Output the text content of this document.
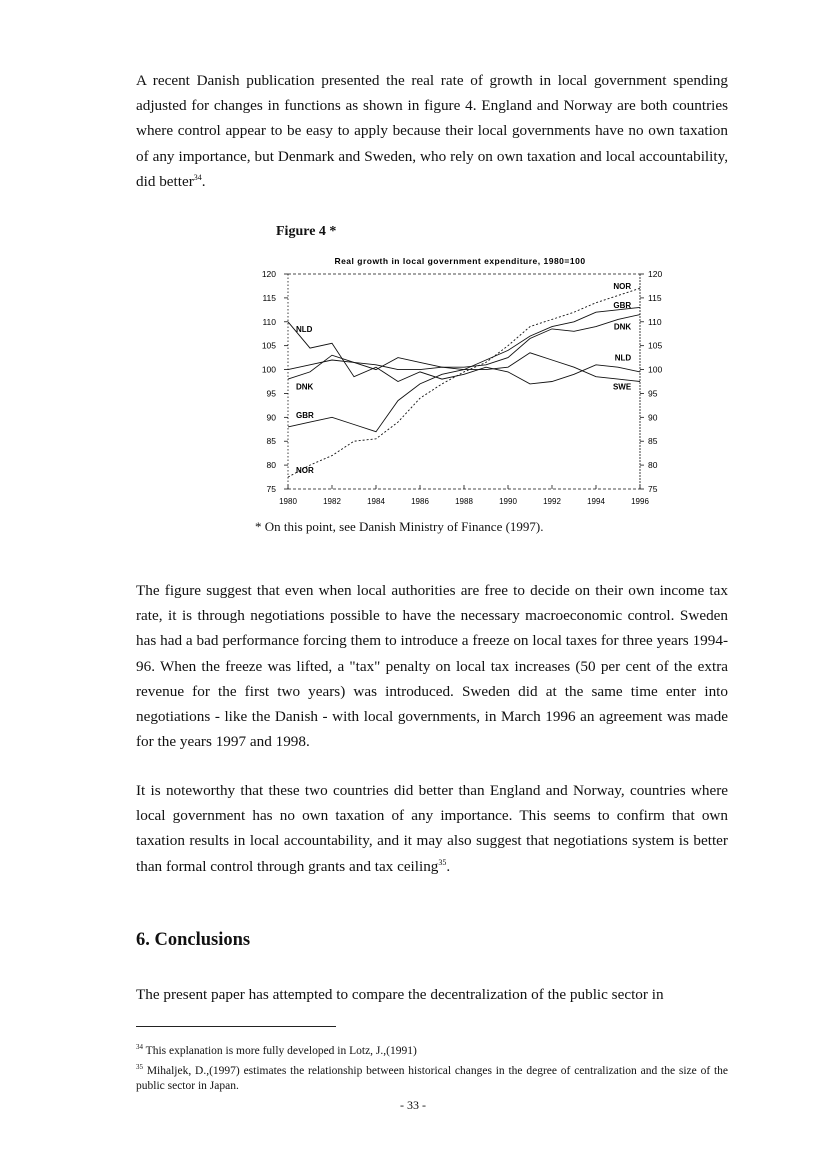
A recent Danish publication presented the real rate of growth in local government spending adjusted for changes in functions as shown in figure 4. England and Norway are both countries where control appear to be easy to apply because their local governments have no own taxation of any importance, but Denmark and Sweden, who rely on own taxation and local accountability, did better$^{34}$.

Figure 4 *
Real growth in local government expenditure, 1980=100
75	75
80	80
85	85
90	90
95	95
100	100
105	105
110	110
115	115
120	120
1980	1982	1984	1986	1988	1990	1992	1994	1996
NLD
DNK
GBR
NOR
NOR
GBR
DNK
NLD
SWE
* On this point, see Danish Ministry of Finance (1997).

The figure suggest that even when local authorities are free to decide on their own income tax rate, it is through negotiations possible to have the necessary macroeconomic control. Sweden has had a bad performance forcing them to introduce a freeze on local taxes for three years 1994-96. When the freeze was lifted, a "tax" penalty on local tax increases (50 per cent of the extra revenue for the first two years) was introduced. Sweden did at the same time enter into negotiations - like the Danish - with local governments, in March 1996 an agreement was made for the years 1997 and 1998.

It is noteworthy that these two countries did better than England and Norway, countries where local government has no own taxation of any importance. This seems to confirm that own taxation results in local accountability, and it may also suggest that negotiations system is better than formal control through grants and tax ceiling$^{35}$.

6. Conclusions

The present paper has attempted to compare the decentralization of the public sector in

$^{34}$ This explanation is more fully developed in Lotz, J.,(1991)

$^{35}$ Mihaljek, D.,(1997) estimates the relationship between historical changes in the degree of centralization and the size of the public sector in Japan.

- 33 -
